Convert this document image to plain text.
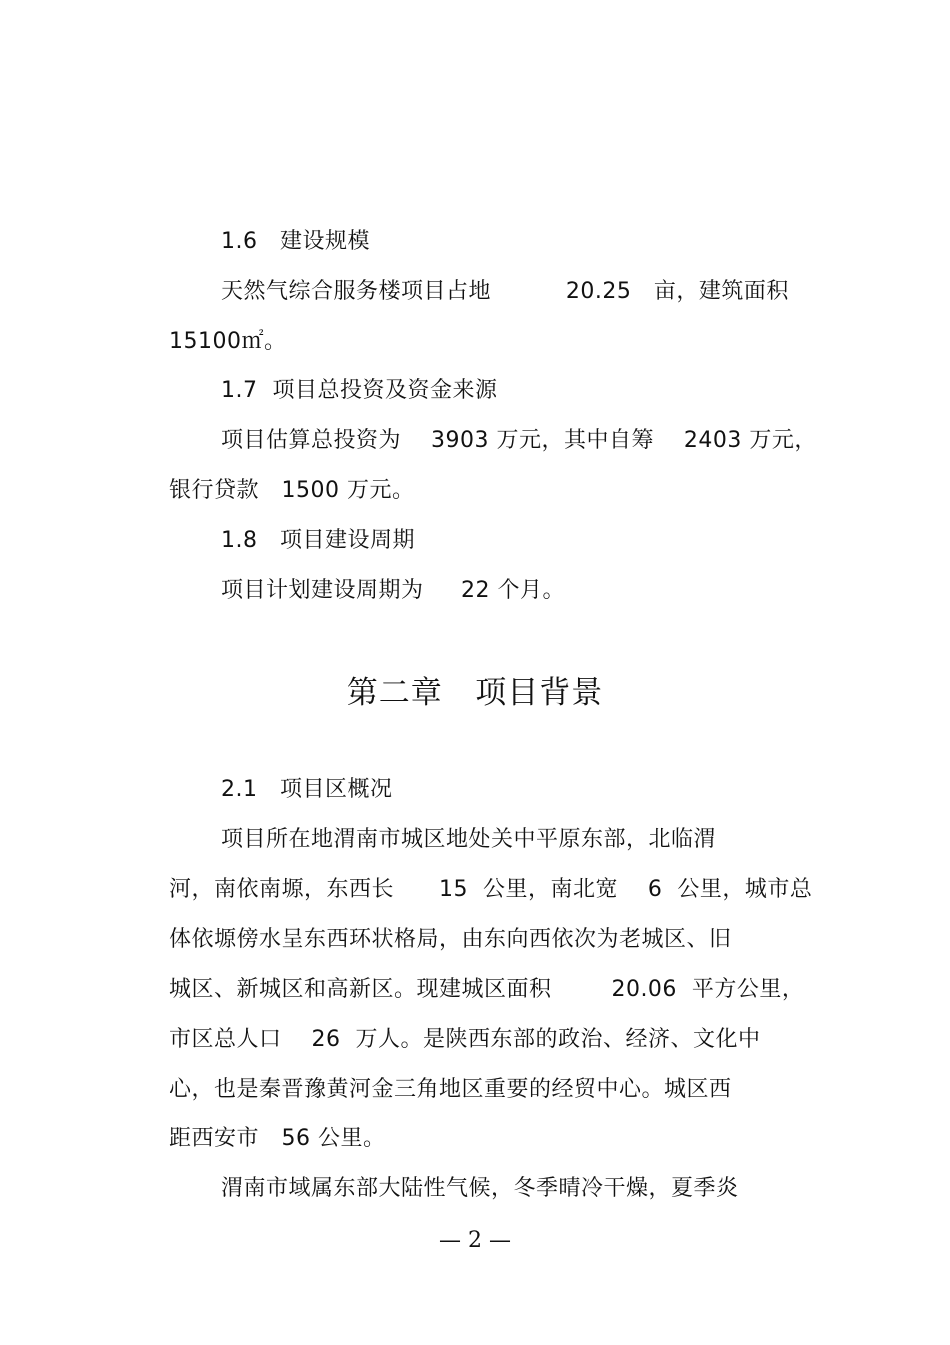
1.6   建设规模
天然气综合服务楼项目占地          20.25   亩，建筑面积
15100㎡。
1.7  项目总投资及资金来源
项目估算总投资为    3903 万元，其中自筹    2403 万元，
银行贷款   1500 万元。
1.8   项目建设周期
项目计划建设周期为     22 个月。
第二章   项目背景
2.1   项目区概况
项目所在地渭南市城区地处关中平原东部，北临渭
河，南依南塬，东西长      15  公里，南北宽    6  公里，城市总
体依塬傍水呈东西环状格局，由东向西依次为老城区、旧
城区、新城区和高新区。现建城区面积        20.06  平方公里，
市区总人口    26  万人。是陕西东部的政治、经济、文化中
心，也是秦晋豫黄河金三角地区重要的经贸中心。城区西
距西安市   56 公里。
渭南市域属东部大陆性气候，冬季晴冷干燥，夏季炎
— 2 —
